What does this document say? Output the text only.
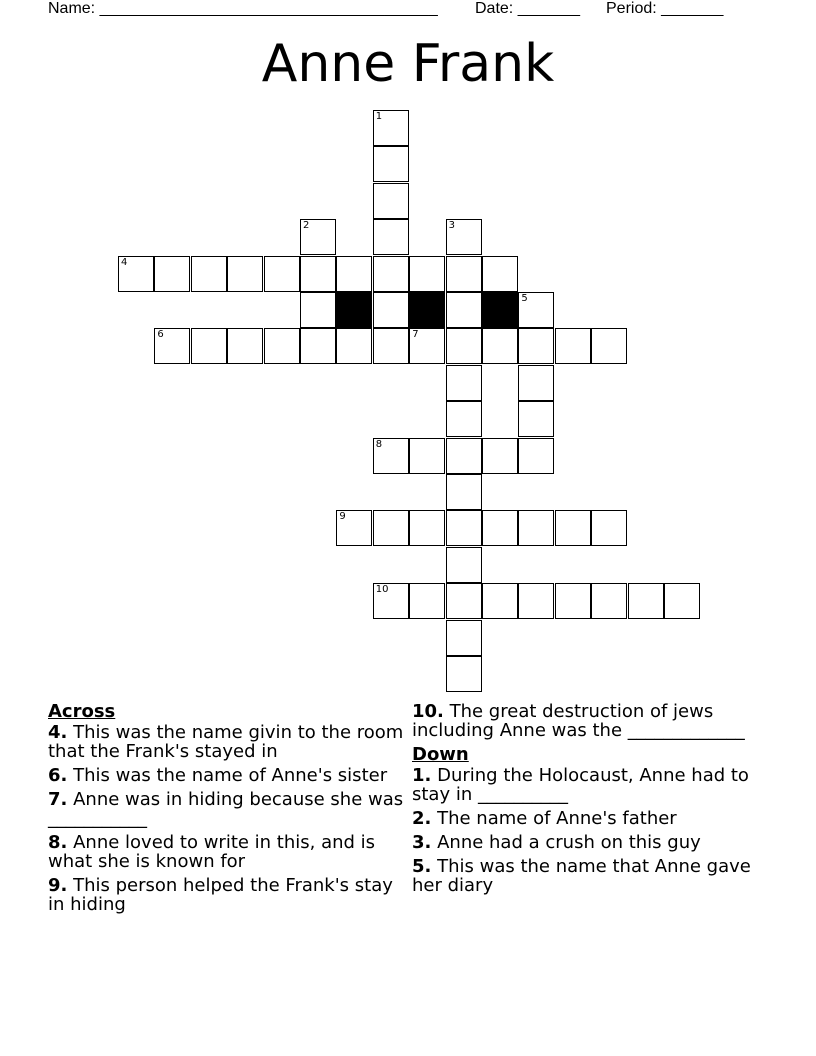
Name: ______________________________________ Date: _______ Period: _______
Anne Frank
1
4
2	3
5
6	7
8
9
10
Across
4. This was the name givin to the room that the Frank's stayed in
6. This was the name of Anne's sister
7. Anne was in hiding because she was ___________
8. Anne loved to write in this, and is what she is known for
9. This person helped the Frank's stay in hiding
10. The great destruction of jews including Anne was the _____________
Down
1. During the Holocaust, Anne had to stay in __________
2. The name of Anne's father
3. Anne had a crush on this guy
5. This was the name that Anne gave her diary
